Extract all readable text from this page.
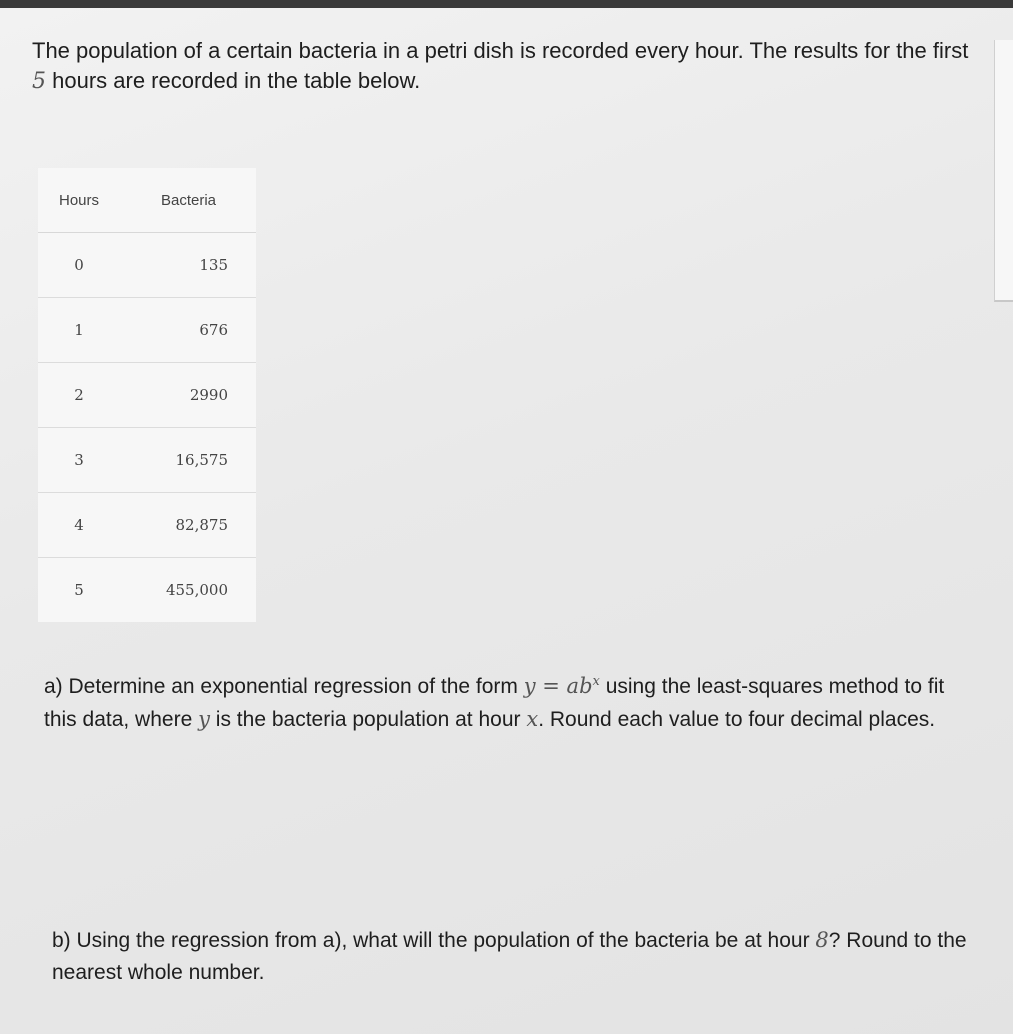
The population of a certain bacteria in a petri dish is recorded every hour. The results for the first 5 hours are recorded in the table below.

Hours	Bacteria
0	135
1	676
2	2990
3	16,575
4	82,875
5	455,000

a) Determine an exponential regression of the form $y = ab^x$ using the least-squares method to fit this data, where y is the bacteria population at hour x. Round each value to four decimal places.

b) Using the regression from a), what will the population of the bacteria be at hour 8? Round to the nearest whole number.
